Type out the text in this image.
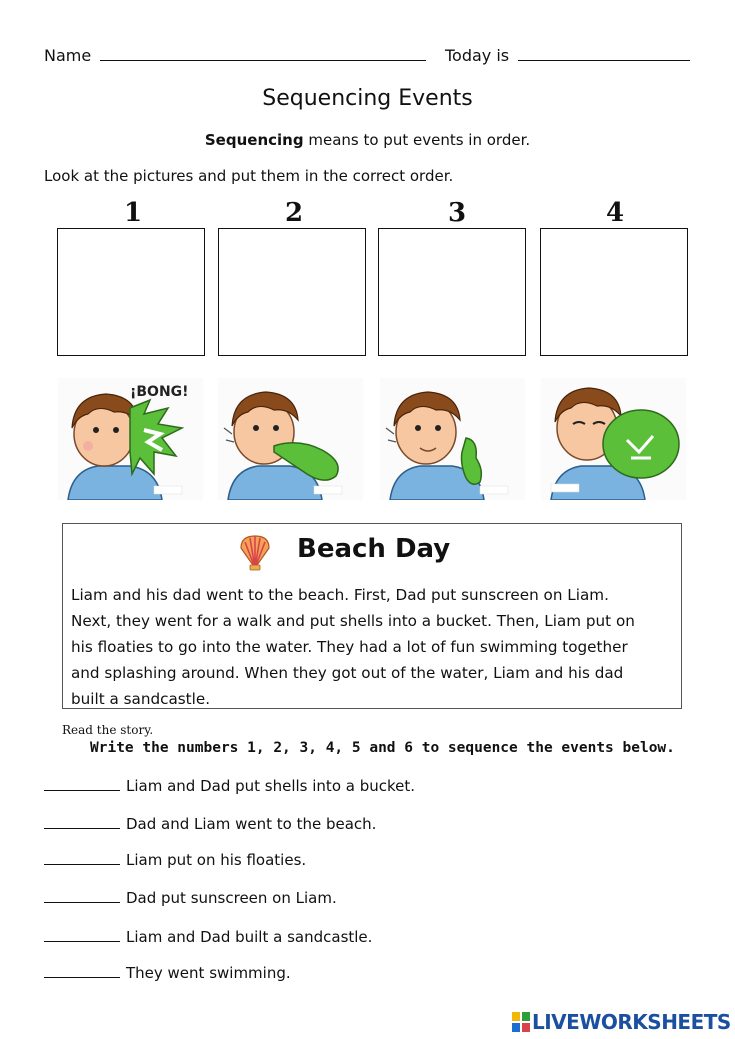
Name	Today is
Sequencing Events
Sequencing means to put events in order.
Look at the pictures and put them in the correct order.
1	2	3	4
¡BONG!
Beach Day
Liam and his dad went to the beach. First, Dad put sunscreen on Liam.
Next, they went for a walk and put shells into a bucket. Then, Liam put on
his floaties to go into the water. They had a lot of fun swimming together
and splashing around. When they got out of the water, Liam and his dad
built a sandcastle.
Read the story.
Write the numbers 1, 2, 3, 4, 5 and 6 to sequence the events below.
Liam and Dad put shells into a bucket.
Dad and Liam went to the beach.
Liam put on his floaties.
Dad put sunscreen on Liam.
Liam and Dad built a sandcastle.
They went swimming.
LIVEWORKSHEETS
